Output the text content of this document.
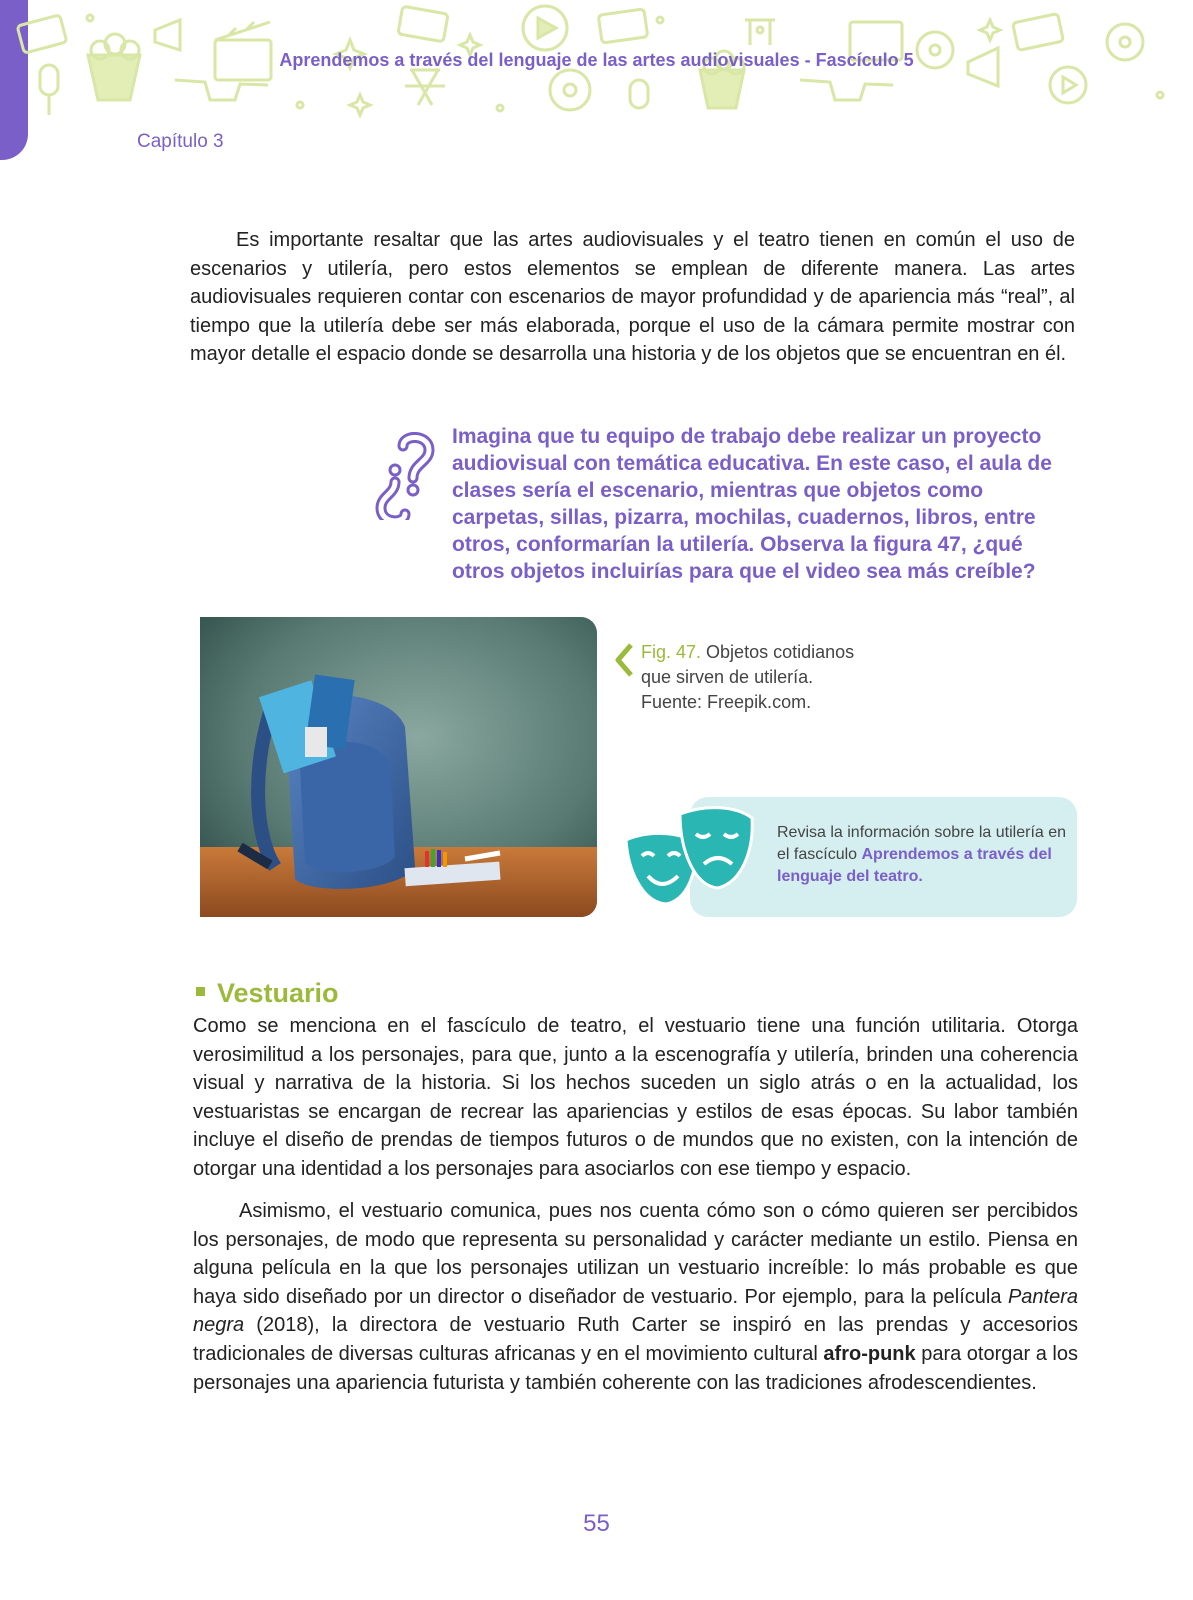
Aprendemos a través del lenguaje de las artes audiovisuales - Fascículo 5
Capítulo 3

Es importante resaltar que las artes audiovisuales y el teatro tienen en común el uso de escenarios y utilería, pero estos elementos se emplean de diferente manera. Las artes audiovisuales requieren contar con escenarios de mayor profundidad y de apariencia más “real”, al tiempo que la utilería debe ser más elaborada, porque el uso de la cámara permite mostrar con mayor detalle el espacio donde se desarrolla una historia y de los objetos que se encuentran en él.

Imagina que tu equipo de trabajo debe realizar un proyecto audiovisual con temática educativa. En este caso, el aula de clases sería el escenario, mientras que objetos como carpetas, sillas, pizarra, mochilas, cuadernos, libros, entre otros, conformarían la utilería. Observa la figura 47, ¿qué otros objetos incluirías para que el video sea más creíble?
Fig. 47. Objetos cotidianos
que sirven de utilería.
Fuente: Freepik.com.
Revisa la información sobre la utilería en el fascículo Aprendemos a través del lenguaje del teatro.
Vestuario

Como se menciona en el fascículo de teatro, el vestuario tiene una función utilitaria. Otorga verosimilitud a los personajes, para que, junto a la escenografía y utilería, brinden una coherencia visual y narrativa de la historia. Si los hechos suceden un siglo atrás o en la actualidad, los vestuaristas se encargan de recrear las apariencias y estilos de esas épocas. Su labor también incluye el diseño de prendas de tiempos futuros o de mundos que no existen, con la intención de otorgar una identidad a los personajes para asociarlos con ese tiempo y espacio.

Asimismo, el vestuario comunica, pues nos cuenta cómo son o cómo quieren ser percibidos los personajes, de modo que representa su personalidad y carácter mediante un estilo. Piensa en alguna película en la que los personajes utilizan un vestuario increíble: lo más probable es que haya sido diseñado por un director o diseñador de vestuario. Por ejemplo, para la película Pantera negra (2018), la directora de vestuario Ruth Carter se inspiró en las prendas y accesorios tradicionales de diversas culturas africanas y en el movimiento cultural afro-punk para otorgar a los personajes una apariencia futurista y también coherente con las tradiciones afrodescendientes.

55
